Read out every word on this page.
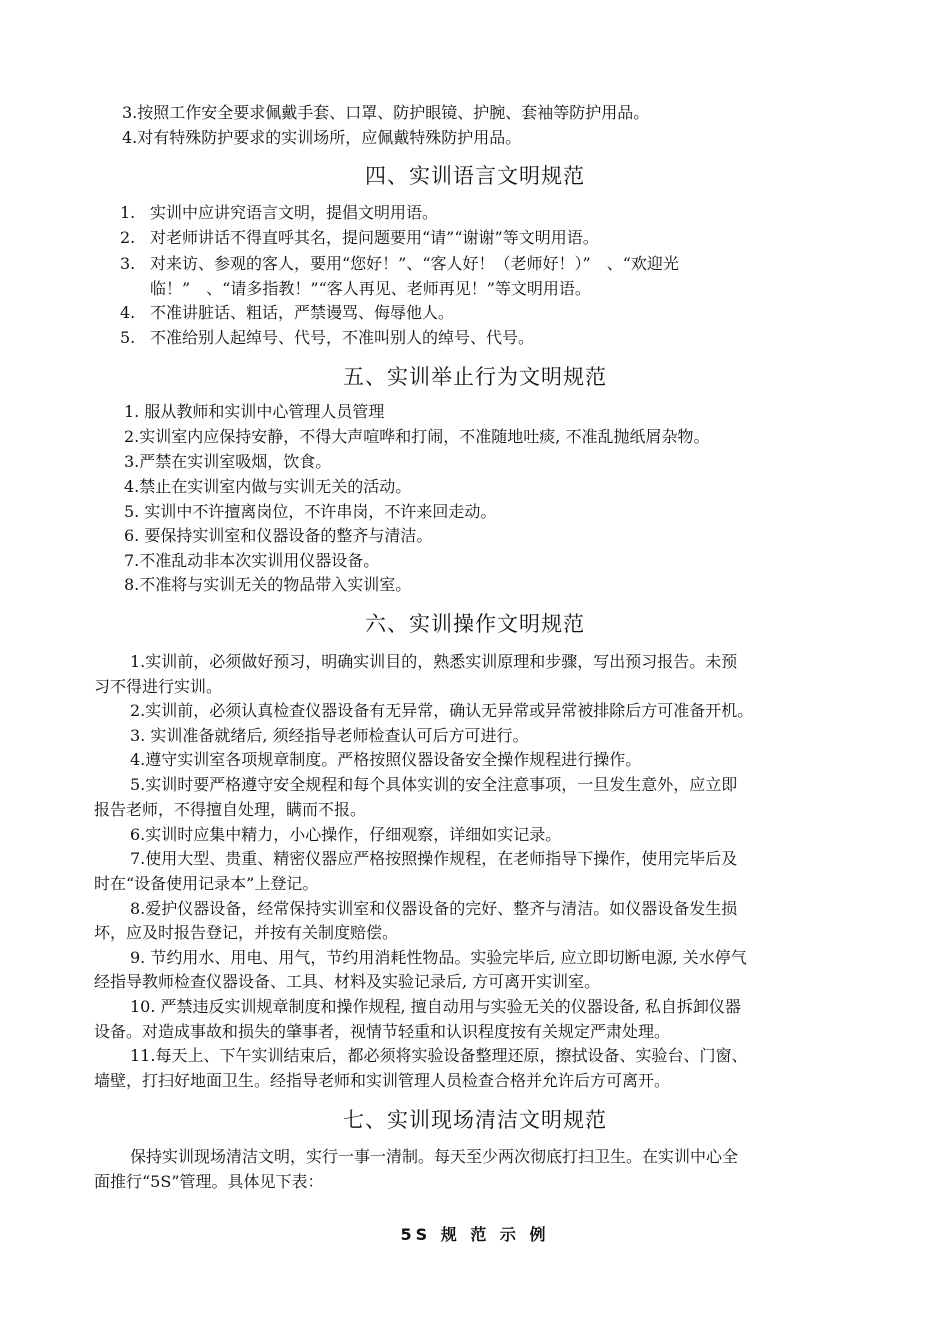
3.按照工作安全要求佩戴手套、口罩、防护眼镜、护腕、套袖等防护用品。
4.对有特殊防护要求的实训场所，应佩戴特殊防护用品。
四、实训语言文明规范
1. 实训中应讲究语言文明，提倡文明用语。
2. 对老师讲话不得直呼其名，提问题要用“请”“谢谢”等文明用语。
3. 对来访、参观的客人，要用“您好！”、“客人好！（老师好！）”　、“欢迎光
临！”　、“请多指教！”“客人再见、老师再见！”等文明用语。
4. 不准讲脏话、粗话，严禁谩骂、侮辱他人。
5. 不准给别人起绰号、代号，不准叫别人的绰号、代号。
五、实训举止行为文明规范
1. 服从教师和实训中心管理人员管理
2.实训室内应保持安静，不得大声喧哗和打闹，不准随地吐痰, 不准乱抛纸屑杂物。
3.严禁在实训室吸烟，饮食。
4.禁止在实训室内做与实训无关的活动。
5. 实训中不许擅离岗位，不许串岗，不许来回走动。
6. 要保持实训室和仪器设备的整齐与清洁。
7.不准乱动非本次实训用仪器设备。
8.不准将与实训无关的物品带入实训室。
六、实训操作文明规范
1.实训前，必须做好预习，明确实训目的，熟悉实训原理和步骤，写出预习报告。未预
习不得进行实训。
2.实训前，必须认真检查仪器设备有无异常，确认无异常或异常被排除后方可准备开机。
3. 实训准备就绪后, 须经指导老师检查认可后方可进行。
4.遵守实训室各项规章制度。严格按照仪器设备安全操作规程进行操作。
5.实训时要严格遵守安全规程和每个具体实训的安全注意事项，一旦发生意外，应立即
报告老师，不得擅自处理，瞒而不报。
6.实训时应集中精力，小心操作，仔细观察，详细如实记录。
7.使用大型、贵重、精密仪器应严格按照操作规程，在老师指导下操作，使用完毕后及
时在“设备使用记录本”上登记。
8.爱护仪器设备，经常保持实训室和仪器设备的完好、整齐与清洁。如仪器设备发生损
坏，应及时报告登记，并按有关制度赔偿。
9. 节约用水、用电、用气，节约用消耗性物品。实验完毕后, 应立即切断电源, 关水停气
经指导教师检查仪器设备、工具、材料及实验记录后, 方可离开实训室。
10. 严禁违反实训规章制度和操作规程, 擅自动用与实验无关的仪器设备, 私自拆卸仪器
设备。对造成事故和损失的肇事者，视情节轻重和认识程度按有关规定严肃处理。
11.每天上、下午实训结束后，都必须将实验设备整理还原，擦拭设备、实验台、门窗、
墙壁，打扫好地面卫生。经指导老师和实训管理人员检查合格并允许后方可离开。
七、实训现场清洁文明规范
保持实训现场清洁文明，实行一事一清制。每天至少两次彻底打扫卫生。在实训中心全
面推行“5S”管理。具体见下表：
5S 规 范 示 例
